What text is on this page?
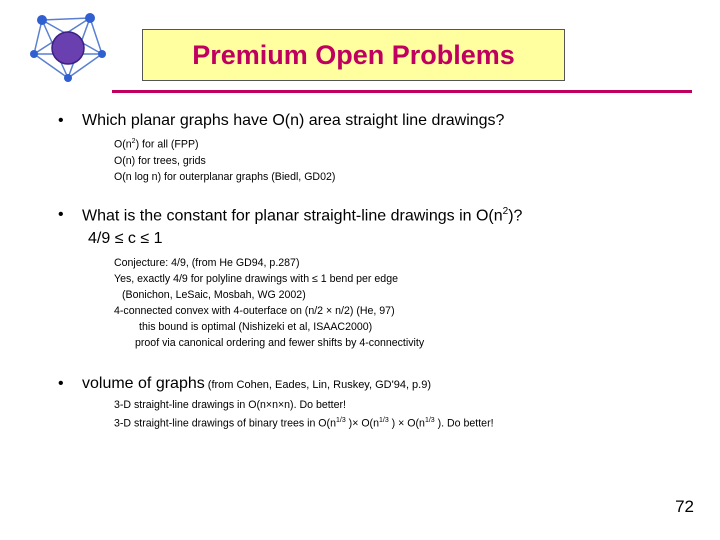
Premium Open Problems
• Which planar graphs have O(n) area straight line drawings?
$O(n^2)$ for all (FPP)
O(n) for trees, grids
O(n log n) for outerplanar graphs (Biedl, GD02)
• What is the constant for planar straight-line drawings in $O(n^2)$?
4/9 ≤ c ≤ 1
Conjecture: 4/9, (from He GD94, p.287)
Yes, exactly 4/9 for polyline drawings with ≤ 1 bend per edge
(Bonichon, LeSaic, Mosbah, WG 2002)
4-connected convex with 4-outerface on (n/2 × n/2) (He, 97)
this bound is optimal (Nishizeki et al, ISAAC2000)
proof via canonical ordering and fewer shifts by 4-connectivity
• volume of graphs (from Cohen, Eades, Lin, Ruskey, GD'94, p.9)
3-D straight-line drawings in O(n×n×n). Do better!
3-D straight-line drawings of binary trees in $O(n^{1/3}$ )× $O(n^{1/3}$ ) × $O(n^{1/3}$ ). Do better!
72
